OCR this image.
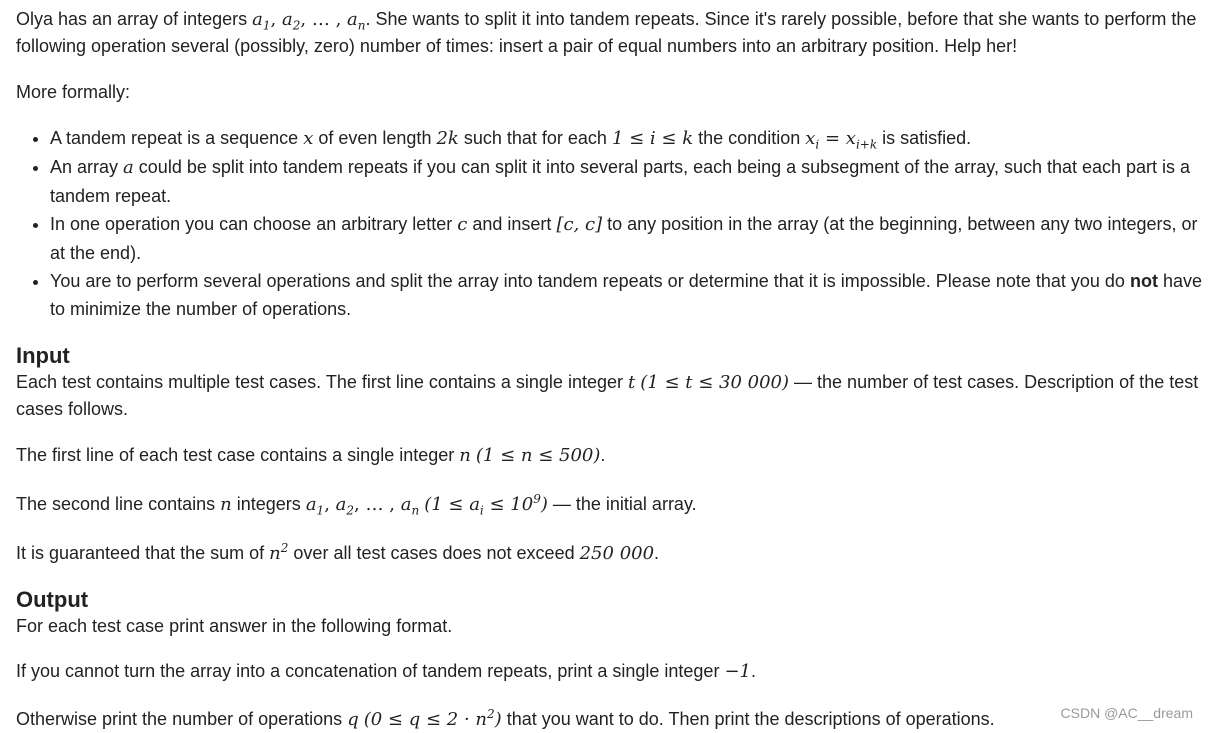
Olya has an array of integers $a_1$, $a_2$, … , $a_n$. She wants to split it into tandem repeats. Since it's rarely possible, before that she wants to perform the following operation several (possibly, zero) number of times: insert a pair of equal numbers into an arbitrary position. Help her!

More formally:

• A tandem repeat is a sequence x of even length 2k such that for each 1 ≤ i ≤ k the condition $x_i = x_{i+k}$ is satisfied.
• An array a could be split into tandem repeats if you can split it into several parts, each being a subsegment of the array, such that each part is a tandem repeat.
• In one operation you can choose an arbitrary letter c and insert [c, c] to any position in the array (at the beginning, between any two integers, or at the end).
• You are to perform several operations and split the array into tandem repeats or determine that it is impossible. Please note that you do not have to minimize the number of operations.
Input

Each test contains multiple test cases. The first line contains a single integer t (1 ≤ t ≤ 30 000) — the number of test cases. Description of the test cases follows.

The first line of each test case contains a single integer n (1 ≤ n ≤ 500).

The second line contains n integers $a_1$, $a_2$, … , $a_n$ $(1 \le a_i \le 10^9)$ — the initial array.

It is guaranteed that the sum of $n^2$ over all test cases does not exceed 250 000.

Output

For each test case print answer in the following format.

If you cannot turn the array into a concatenation of tandem repeats, print a single integer −1.

Otherwise print the number of operations q $(0 \le q \le 2 \cdot n^2)$ that you want to do. Then print the descriptions of operations.	CSDN @AC__dream
